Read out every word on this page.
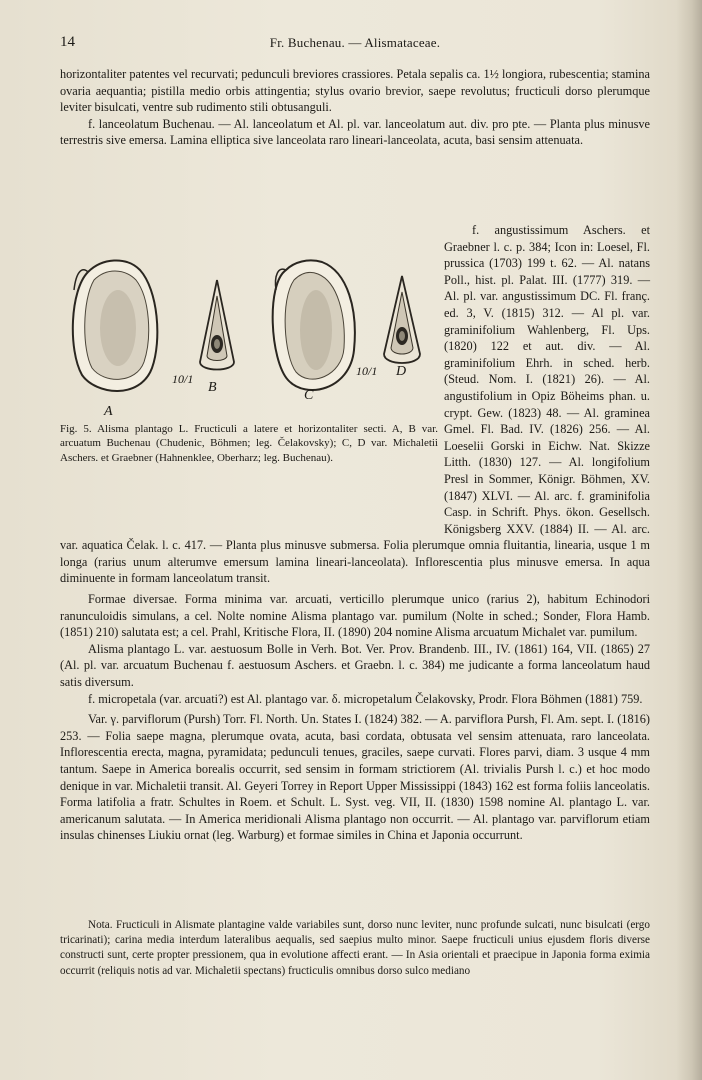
14	Fr. Buchenau. — Alismataceae.

horizontaliter patentes vel recurvati; pedunculi breviores crassiores. Petala sepalis ca. 1½ longiora, rubescentia; stamina ovaria aequantia; pistilla medio orbis attingentia; stylus ovario brevior, saepe revolutus; fructiculi dorso plerumque leviter bisulcati, ventre sub rudimento stili obtusanguli.

f. lanceolatum Buchenau. — Al. lanceolatum et Al. pl. var. lanceolatum aut. div. pro pte. — Planta plus minusve terrestris sive emersa. Lamina elliptica sive lanceolata raro lineari-lanceolata, acuta, basi sensim attenuata.

f. angustissimum Aschers. et Graebner l. c. p. 384; Icon in: Loesel, Fl. prussica (1703) 199 t. 62. — Al. natans Poll., hist. pl. Palat. III. (1777) 319. — Al. pl. var. angustissimum DC. Fl. franç. ed. 3, V. (1815) 312. — Al pl. var. graminifolium Wahlenberg, Fl. Ups. (1820) 122 et aut. div. — Al. graminifolium Ehrh. in sched. herb. (Steud. Nom. I. (1821) 26). — Al. angustifolium in Opiz Böheims phan. u. crypt. Gew. (1823) 48. — Al. graminea Gmel. Fl. Bad. IV. (1826) 256. — Al. Loeselii Gorski in Eichw. Nat. Skizze Litth. (1830) 127. — Al. longifolium Presl in Sommer, Königr. Böhmen, XV. (1847) XLVI. — Al. arc. f. graminifolia Casp. in Schrift. Phys. ökon. Gesellsch. Königsberg XXV. (1884) II. — Al. arc. var. aquatica Čelak. l. c. 417. — Planta plus minusve submersa. Folia plerumque omnia fluitantia, linearia, usque 1 m longa (rarius unum alterumve emersum lamina lineari-lanceolata). Inflorescentia plus minusve emersa. In aqua diminuente in formam lanceolatum transit.

Formae diversae. Forma minima var. arcuati, verticillo plerumque unico (rarius 2), habitum Echinodori ranunculoidis simulans, a cel. Nolte nomine Alisma plantago var. pumilum (Nolte in sched.; Sonder, Flora Hamb. (1851) 210) salutata est; a cel. Prahl, Kritische Flora, II. (1890) 204 nomine Alisma arcuatum Michalet var. pumilum.

Alisma plantago L. var. aestuosum Bolle in Verh. Bot. Ver. Prov. Brandenb. III., IV. (1861) 164, VII. (1865) 27 (Al. pl. var. arcuatum Buchenau f. aestuosum Aschers. et Graebn. l. c. 384) me judicante a forma lanceolatum haud satis diversum.

f. micropetala (var. arcuati?) est Al. plantago var. δ. micropetalum Čelakovsky, Prodr. Flora Böhmen (1881) 759.

Var. γ. parviflorum (Pursh) Torr. Fl. North. Un. States I. (1824) 382. — A. parviflora Pursh, Fl. Am. sept. I. (1816) 253. — Folia saepe magna, plerumque ovata, acuta, basi cordata, obtusata vel sensim attenuata, raro lanceolata. Inflorescentia erecta, magna, pyramidata; pedunculi tenues, graciles, saepe curvati. Flores parvi, diam. 3 usque 4 mm tantum. Saepe in America borealis occurrit, sed sensim in formam strictiorem (Al. trivialis Pursh l. c.) et hoc modo denique in var. Michaletii transit. Al. Geyeri Torrey in Report Upper Mississippi (1843) 162 est forma foliis lanceolatis. Forma latifolia a fratr. Schultes in Roem. et Schult. L. Syst. veg. VII, II. (1830) 1598 nomine Al. plantago L. var. americanum salutata. — In America meridionali Alisma plantago non occurrit. — Al. plantago var. parviflorum etiam insulas chinenses Liukiu ornat (leg. Warburg) et formae similes in China et Japonia occurrunt.

A
10/1
B
C
10/1 D
Fig. 5. Alisma plantago L. Fructiculi a latere et horizontaliter secti. A, B var. arcuatum Buchenau (Chudenic, Böhmen; leg. Čelakovsky); C, D var. Michaletii Aschers. et Graebner (Hahnenklee, Oberharz; leg. Buchenau).

Nota. Fructiculi in Alismate plantagine valde variabiles sunt, dorso nunc leviter, nunc profunde sulcati, nunc bisulcati (ergo tricarinati); carina media interdum lateralibus aequalis, sed saepius multo minor. Saepe fructiculi unius ejusdem floris diverse constructi sunt, certe propter pressionem, qua in evolutione affecti erant. — In Asia orientali et praecipue in Japonia forma eximia occurrit (reliquis notis ad var. Michaletii spectans) fructiculis omnibus dorso sulco mediano
